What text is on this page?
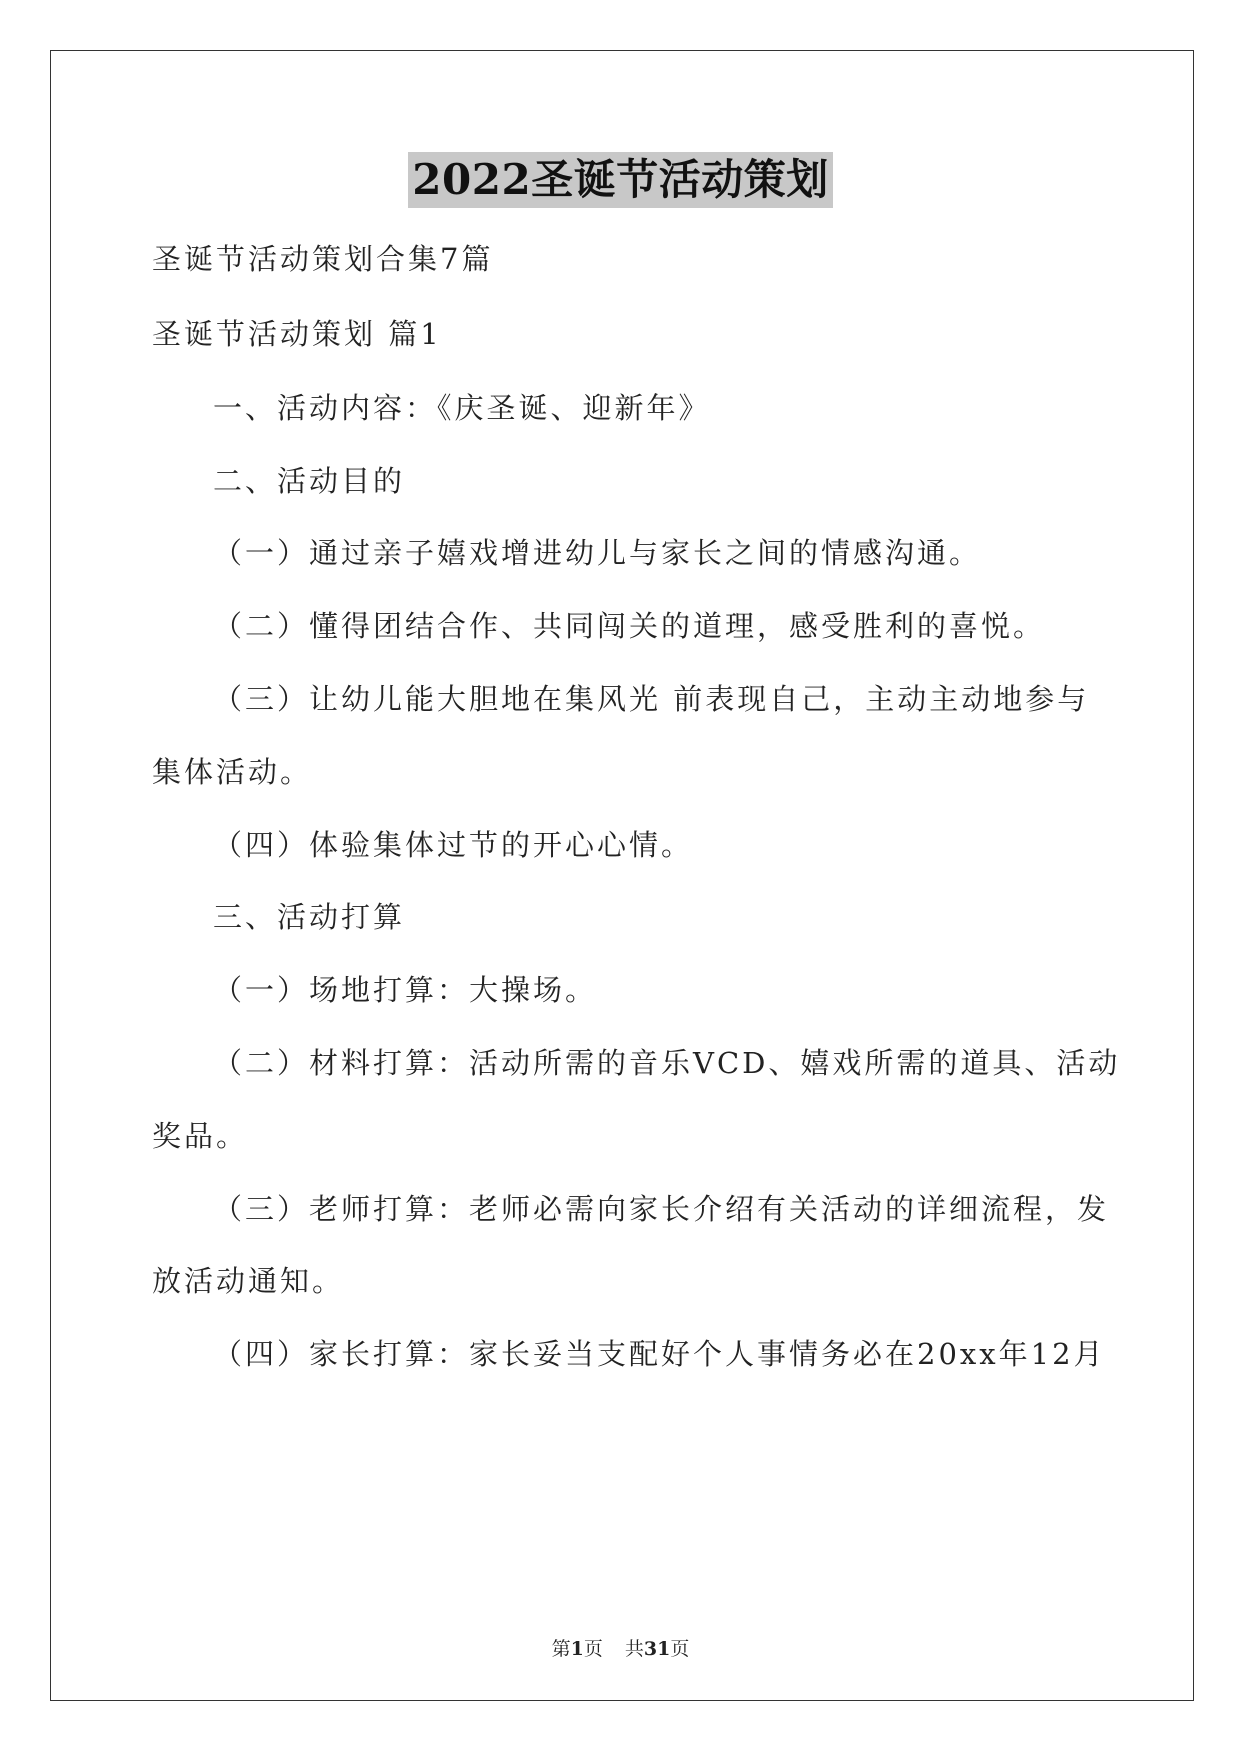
2022圣诞节活动策划
圣诞节活动策划合集7篇
圣诞节活动策划 篇1
一、活动内容：《庆圣诞、迎新年》
二、活动目的
（一）通过亲子嬉戏增进幼儿与家长之间的情感沟通。
（二）懂得团结合作、共同闯关的道理，感受胜利的喜悦。
（三）让幼儿能大胆地在集风光 前表现自己，主动主动地参与
集体活动。
（四）体验集体过节的开心心情。
三、活动打算
（一）场地打算：大操场。
（二）材料打算：活动所需的音乐VCD、嬉戏所需的道具、活动
奖品。
（三）老师打算：老师必需向家长介绍有关活动的详细流程，发
放活动通知。
（四）家长打算：家长妥当支配好个人事情务必在20xx年12月
第1页 共31页
